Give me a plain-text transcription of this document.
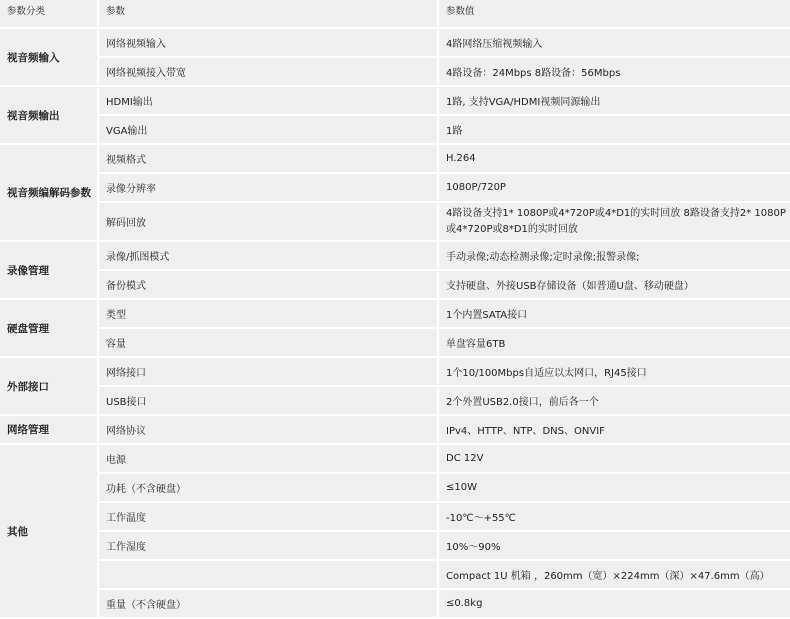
参数分类	参数	参数值
视音频输入	网络视频输入	4路网络压缩视频输入
	网络视频接入带宽	4路设备：24Mbps 8路设备：56Mbps
视音频输出	HDMI输出	1路, 支持VGA/HDMI视频同源输出
	VGA输出	1路
视音频编解码参数	视频格式	H.264
	录像分辨率	1080P/720P
	解码回放	4路设备支持1* 1080P或4*720P或4*D1的实时回放 8路设备支持2* 1080P或4*720P或8*D1的实时回放
录像管理	录像/抓图模式	手动录像;动态检测录像;定时录像;报警录像;
	备份模式	支持硬盘、外接USB存储设备（如普通U盘、移动硬盘）
硬盘管理	类型	1个内置SATA接口
	容量	单盘容量6TB
外部接口	网络接口	1个10/100Mbps自适应以太网口，RJ45接口
	USB接口	2个外置USB2.0接口，前后各一个
网络管理	网络协议	IPv4、HTTP、NTP、DNS、ONVIF
其他	电源	DC 12V
	功耗（不含硬盘）	≤10W
	工作温度	-10℃～+55℃
	工作湿度	10%～90%
		Compact 1U 机箱 ，260mm（宽）×224mm（深）×47.6mm（高）
	重量（不含硬盘）	≤0.8kg
